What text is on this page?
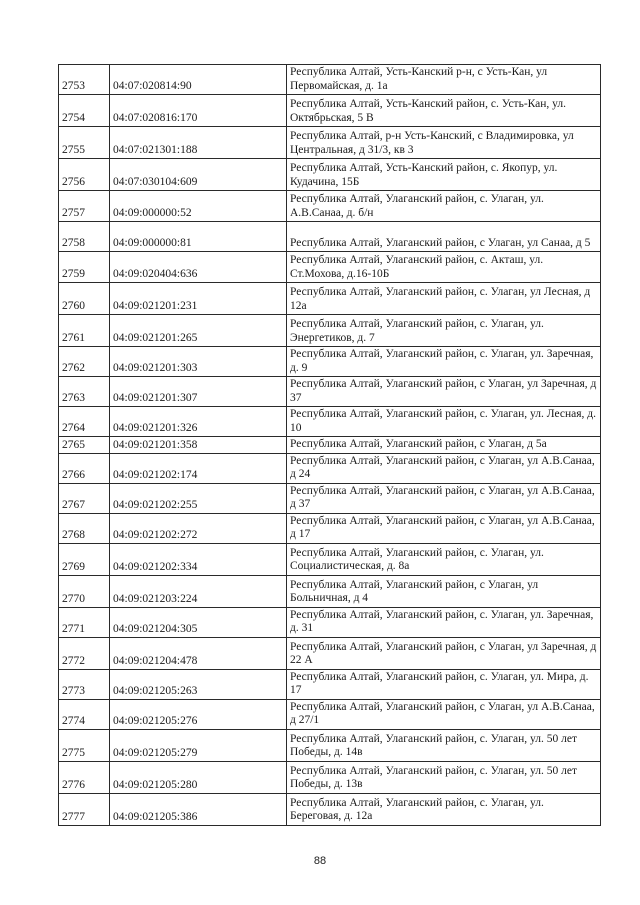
2753	04:07:020814:90	Республика Алтай, Усть-Канский р-н, с Усть-Кан, ул Первомайская, д. 1а
2754	04:07:020816:170	Республика Алтай, Усть-Канский район, с. Усть-Кан, ул. Октябрьская, 5 В
2755	04:07:021301:188	Республика Алтай, р-н Усть-Канский, с Владимировка, ул Центральная, д 31/3, кв 3
2756	04:07:030104:609	Республика Алтай, Усть-Канский район, с. Якопур, ул. Кудачина, 15Б
2757	04:09:000000:52	Республика Алтай, Улаганский район, с. Улаган, ул. А.В.Санаа, д. б/н
2758	04:09:000000:81	Республика Алтай, Улаганский район, с Улаган, ул Санаа, д 5
2759	04:09:020404:636	Республика Алтай, Улаганский район, с. Акташ, ул. Ст.Мохова, д.16-10Б
2760	04:09:021201:231	Республика Алтай, Улаганский район, с. Улаган, ул Лесная, д 12а
2761	04:09:021201:265	Республика Алтай, Улаганский район, с. Улаган, ул. Энергетиков, д. 7
2762	04:09:021201:303	Республика Алтай, Улаганский район, с. Улаган, ул. Заречная, д. 9
2763	04:09:021201:307	Республика Алтай, Улаганский район, с Улаган, ул Заречная, д 37
2764	04:09:021201:326	Республика Алтай, Улаганский район, с. Улаган, ул. Лесная, д. 10
2765	04:09:021201:358	Республика Алтай, Улаганский район, с Улаган, д 5а
2766	04:09:021202:174	Республика Алтай, Улаганский район, с Улаган, ул А.В.Санаа, д 24
2767	04:09:021202:255	Республика Алтай, Улаганский район, с Улаган, ул А.В.Санаа, д 37
2768	04:09:021202:272	Республика Алтай, Улаганский район, с Улаган, ул А.В.Санаа, д 17
2769	04:09:021202:334	Республика Алтай, Улаганский район, с. Улаган, ул. Социалистическая, д. 8а
2770	04:09:021203:224	Республика Алтай, Улаганский район, с Улаган, ул Больничная, д 4
2771	04:09:021204:305	Республика Алтай, Улаганский район, с. Улаган, ул. Заречная, д. 31
2772	04:09:021204:478	Республика Алтай, Улаганский район, с Улаган, ул Заречная, д 22 А
2773	04:09:021205:263	Республика Алтай, Улаганский район, с. Улаган, ул. Мира, д. 17
2774	04:09:021205:276	Республика Алтай, Улаганский район, с Улаган, ул А.В.Санаа, д 27/1
2775	04:09:021205:279	Республика Алтай, Улаганский район, с. Улаган, ул. 50 лет Победы, д. 14в
2776	04:09:021205:280	Республика Алтай, Улаганский район, с. Улаган, ул. 50 лет Победы, д. 13в
2777	04:09:021205:386	Республика Алтай, Улаганский район, с. Улаган, ул. Береговая, д. 12а
88
